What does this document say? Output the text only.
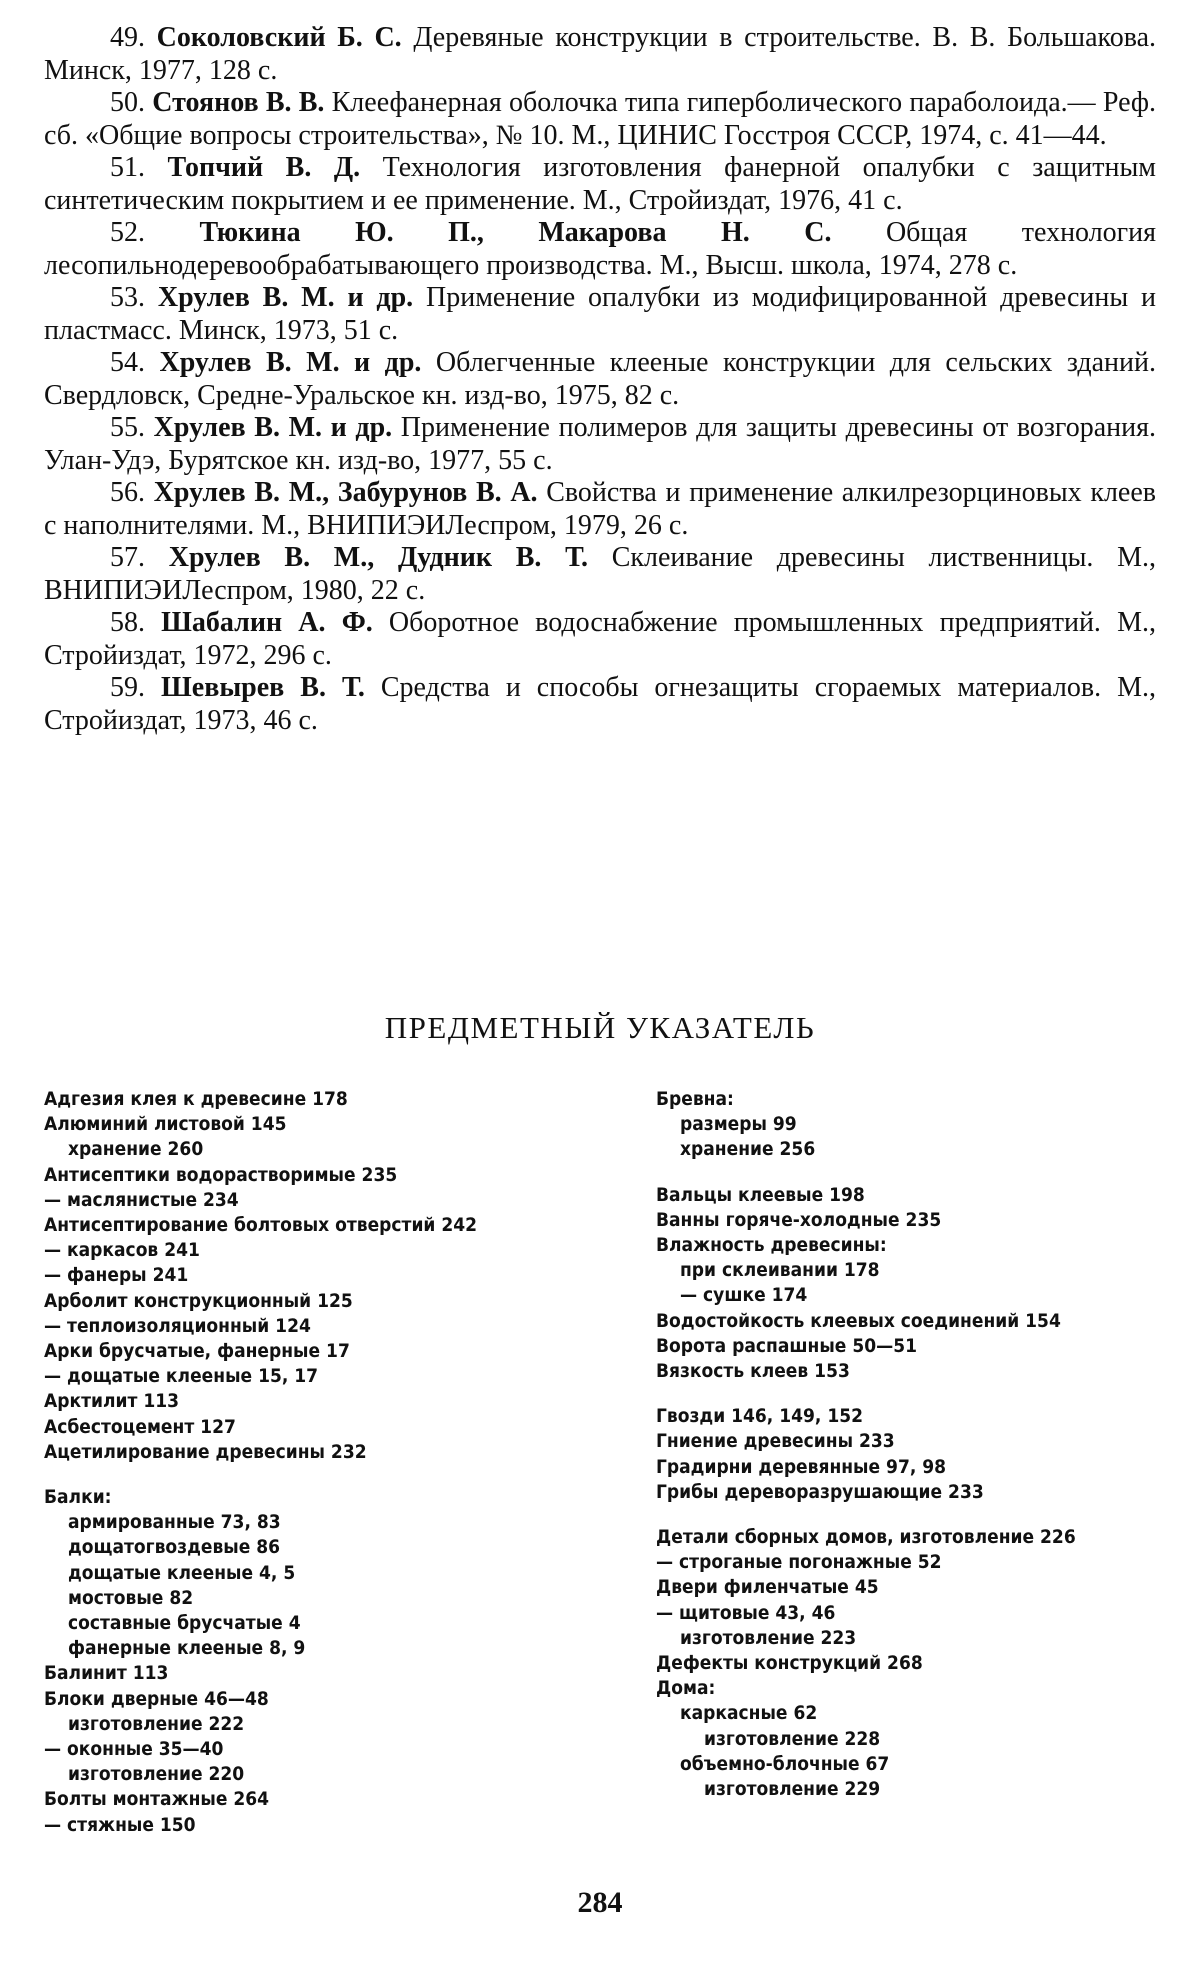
49. Соколовский Б. С. Деревяные конструкции в строительстве. В. В. Большакова. Минск, 1977, 128 с.

50. Стоянов В. В. Клеефанерная оболочка типа гиперболического параболоида.— Реф. сб. «Общие вопросы строительства», № 10. М., ЦИНИС Госстроя СССР, 1974, с. 41—44.

51. Топчий В. Д. Технология изготовления фанерной опалубки с защитным синтетическим покрытием и ее применение. М., Стройиздат, 1976, 41 с.

52. Тюкина Ю. П., Макарова Н. С. Общая технология лесопильнодеревообрабатывающего производства. М., Высш. школа, 1974, 278 с.

53. Хрулев В. М. и др. Применение опалубки из модифицированной древесины и пластмасс. Минск, 1973, 51 с.

54. Хрулев В. М. и др. Облегченные клееные конструкции для сельских зданий. Свердловск, Средне-Уральское кн. изд-во, 1975, 82 с.

55. Хрулев В. М. и др. Применение полимеров для защиты древесины от возгорания. Улан-Удэ, Бурятское кн. изд-во, 1977, 55 с.

56. Хрулев В. М., Забурунов В. А. Свойства и применение алкилрезорциновых клеев с наполнителями. М., ВНИПИЭИЛеспром, 1979, 26 с.

57. Хрулев В. М., Дудник В. Т. Склеивание древесины лиственницы. М., ВНИПИЭИЛеспром, 1980, 22 с.

58. Шабалин А. Ф. Оборотное водоснабжение промышленных предприятий. М., Стройиздат, 1972, 296 с.

59. Шевырев В. Т. Средства и способы огнезащиты сгораемых материалов. М., Стройиздат, 1973, 46 с.

ПРЕДМЕТНЫЙ УКАЗАТЕЛЬ

Адгезия клея к древесине 178

Алюминий листовой 145

хранение 260

Антисептики водорастворимые 235

— маслянистые 234

Антисептирование болтовых отверстий 242

— каркасов 241

— фанеры 241

Арболит конструкционный 125

— теплоизоляционный 124

Арки брусчатые, фанерные 17

— дощатые клееные 15, 17

Арктилит 113

Асбестоцемент 127

Ацетилирование древесины 232

Балки:

армированные 73, 83

дощатогвоздевые 86

дощатые клееные 4, 5

мостовые 82

составные брусчатые 4

фанерные клееные 8, 9

Балинит 113

Блоки дверные 46—48

изготовление 222

— оконные 35—40

изготовление 220

Болты монтажные 264

— стяжные 150

Бревна:

размеры 99

хранение 256

Вальцы клеевые 198

Ванны горяче-холодные 235

Влажность древесины:

при склеивании 178

— сушке 174

Водостойкость клеевых соединений 154

Ворота распашные 50—51

Вязкость клеев 153

Гвозди 146, 149, 152

Гниение древесины 233

Градирни деревянные 97, 98

Грибы дереворазрушающие 233

Детали сборных домов, изготовление 226

— строганые погонажные 52

Двери филенчатые 45

— щитовые 43, 46

изготовление 223

Дефекты конструкций 268

Дома:

каркасные 62

изготовление 228

объемно-блочные 67

изготовление 229

284
